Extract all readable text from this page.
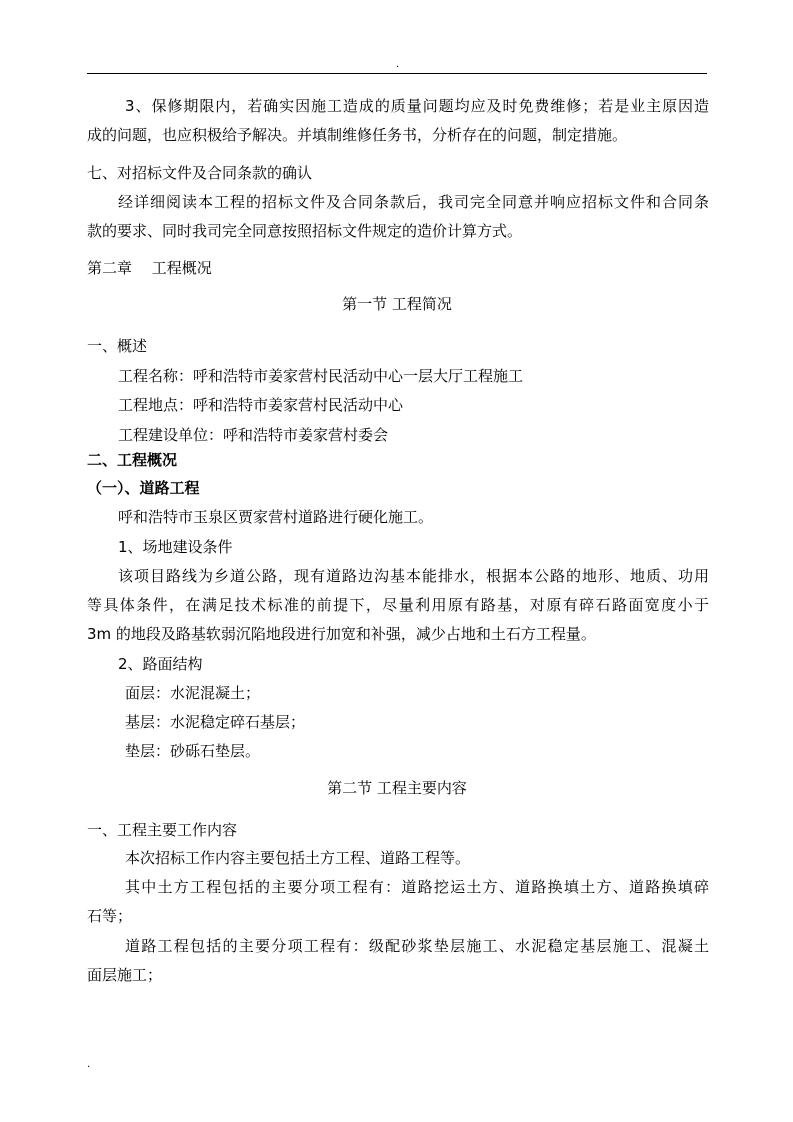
.
3、保修期限内，若确实因施工造成的质量问题均应及时免费维修；若是业主原因造
成的问题，也应积极给予解决。并填制维修任务书，分析存在的问题，制定措施。
七、对招标文件及合同条款的确认
经详细阅读本工程的招标文件及合同条款后，我司完全同意并响应招标文件和合同条
款的要求、同时我司完全同意按照招标文件规定的造价计算方式。
第二章　 工程概况
第一节 工程简况
一、概述
工程名称：呼和浩特市姜家营村民活动中心一层大厅工程施工
工程地点：呼和浩特市姜家营村民活动中心
工程建设单位：呼和浩特市姜家营村委会
二、工程概况
（一）、道路工程
呼和浩特市玉泉区贾家营村道路进行硬化施工。
1、场地建设条件
该项目路线为乡道公路，现有道路边沟基本能排水，根据本公路的地形、地质、功用
等具体条件，在满足技术标准的前提下，尽量利用原有路基，对原有碎石路面宽度小于
3m 的地段及路基软弱沉陷地段进行加宽和补强，减少占地和土石方工程量。
2、路面结构
面层：水泥混凝土；
基层：水泥稳定碎石基层；
垫层：砂砾石垫层。
第二节 工程主要内容
一、工程主要工作内容
本次招标工作内容主要包括土方工程、道路工程等。
其中土方工程包括的主要分项工程有：道路挖运土方、道路换填土方、道路换填碎
石等；
道路工程包括的主要分项工程有：级配砂浆垫层施工、水泥稳定基层施工、混凝土
面层施工；
.
